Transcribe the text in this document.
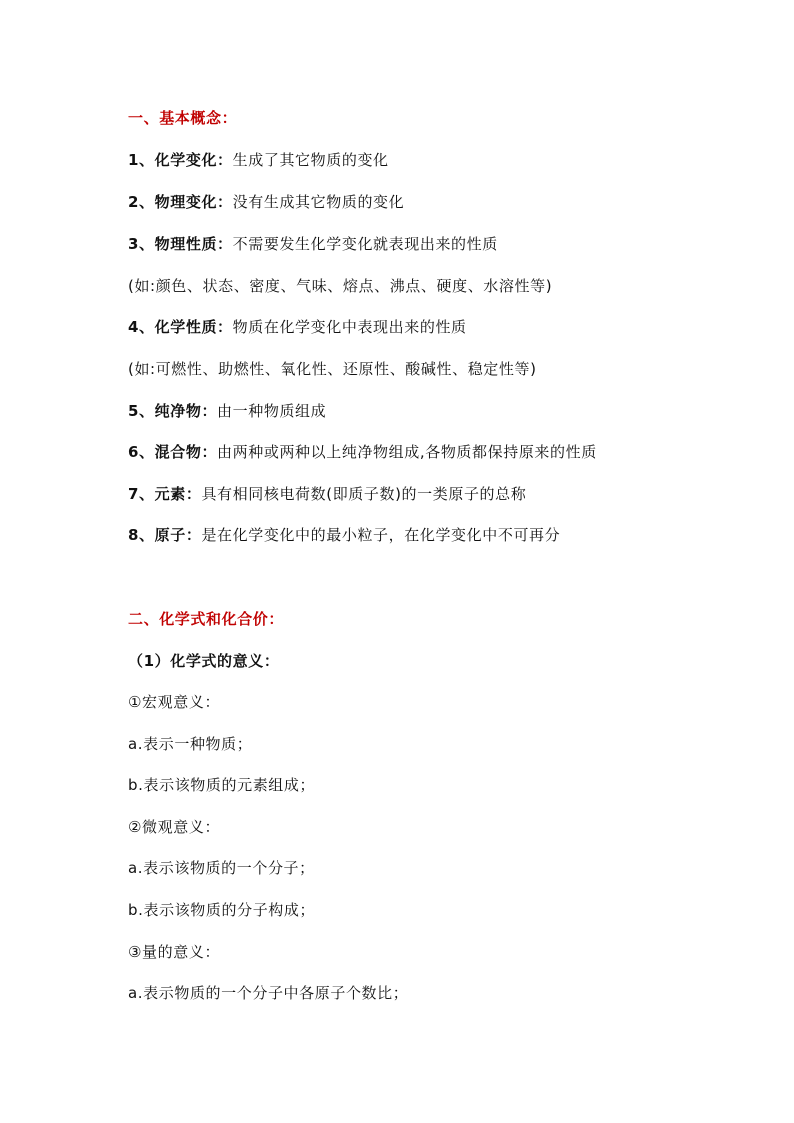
一、基本概念：
1、化学变化：生成了其它物质的变化
2、物理变化：没有生成其它物质的变化
3、物理性质：不需要发生化学变化就表现出来的性质
(如:颜色、状态、密度、气味、熔点、沸点、硬度、水溶性等)
4、化学性质：物质在化学变化中表现出来的性质
(如:可燃性、助燃性、氧化性、还原性、酸碱性、稳定性等)
5、纯净物：由一种物质组成
6、混合物：由两种或两种以上纯净物组成,各物质都保持原来的性质
7、元素：具有相同核电荷数(即质子数)的一类原子的总称
8、原子：是在化学变化中的最小粒子，在化学变化中不可再分
二、化学式和化合价：
（1）化学式的意义：
①宏观意义：
a.表示一种物质；
b.表示该物质的元素组成；
②微观意义：
a.表示该物质的一个分子；
b.表示该物质的分子构成；
③量的意义：
a.表示物质的一个分子中各原子个数比；
